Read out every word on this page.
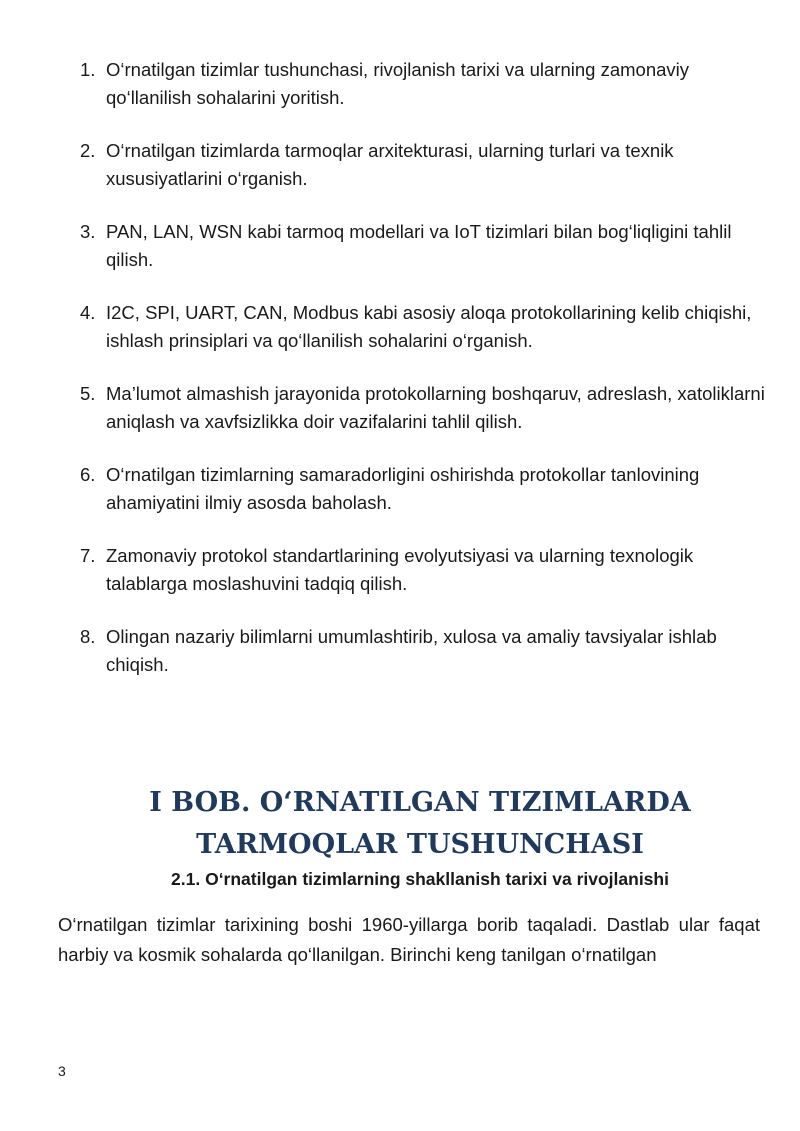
1. O‘rnatilgan tizimlar tushunchasi, rivojlanish tarixi va ularning zamonaviy qo‘llanilish sohalarini yoritish.
2. O‘rnatilgan tizimlarda tarmoqlar arxitekturasi, ularning turlari va texnik xususiyatlarini o‘rganish.
3. PAN, LAN, WSN kabi tarmoq modellari va IoT tizimlari bilan bog‘liqligini tahlil qilish.
4. I2C, SPI, UART, CAN, Modbus kabi asosiy aloqa protokollarining kelib chiqishi, ishlash prinsiplari va qo‘llanilish sohalarini o‘rganish.
5. Ma’lumot almashish jarayonida protokollarning boshqaruv, adreslash, xatoliklarni aniqlash va xavfsizlikka doir vazifalarini tahlil qilish.
6. O‘rnatilgan tizimlarning samaradorligini oshirishda protokollar tanlovining ahamiyatini ilmiy asosda baholash.
7. Zamonaviy protokol standartlarining evolyutsiyasi va ularning texnologik talablarga moslashuvini tadqiq qilish.
8. Olingan nazariy bilimlarni umumlashtirib, xulosa va amaliy tavsiyalar ishlab chiqish.
I BOB. O‘RNATILGAN TIZIMLARDA
TARMOQLAR TUSHUNCHASI
2.1. O‘rnatilgan tizimlarning shakllanish tarixi va rivojlanishi

O‘rnatilgan tizimlar tarixining boshi 1960-yillarga borib taqaladi. Dastlab ular faqat harbiy va kosmik sohalarda qo‘llanilgan. Birinchi keng tanilgan o‘rnatilgan

3
